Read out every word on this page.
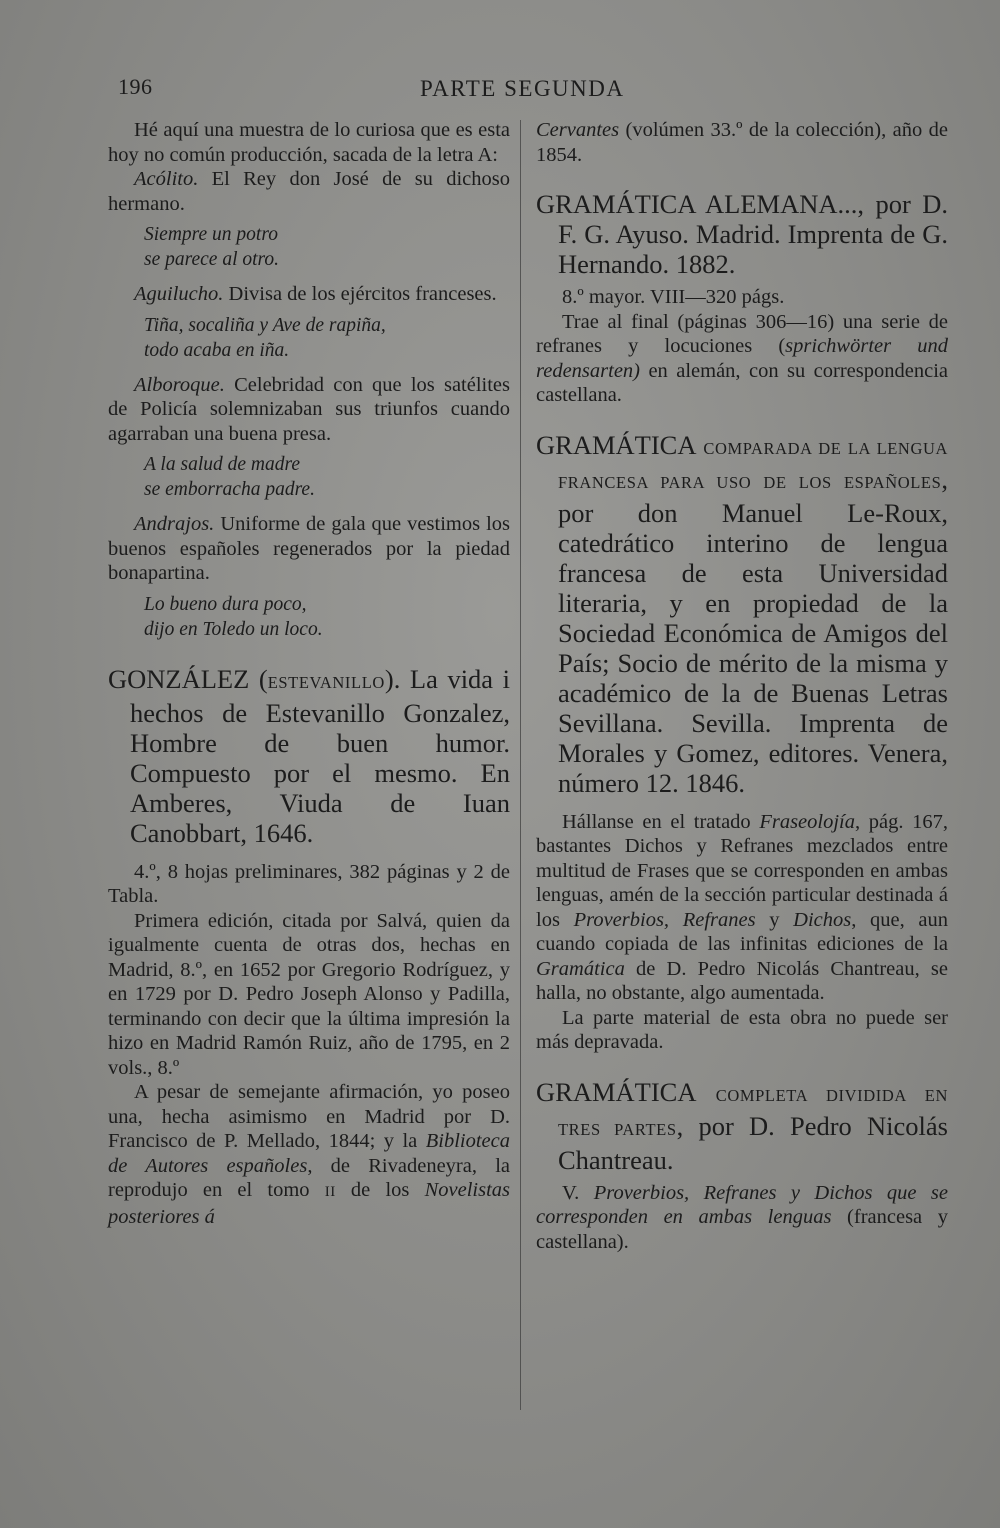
196	PARTE SEGUNDA

Hé aquí una muestra de lo curiosa que es esta hoy no común producción, sacada de la letra A:

Acólito. El Rey don José de su dichoso hermano.

Siempre un potro
se parece al otro.

Aguilucho. Divisa de los ejércitos franceses.

Tiña, socaliña y Ave de rapiña,
todo acaba en iña.

Alboroque. Celebridad con que los satélites de Policía solemnizaban sus triunfos cuando agarraban una buena presa.

A la salud de madre
se emborracha padre.

Andrajos. Uniforme de gala que vestimos los buenos españoles regenerados por la piedad bonapartina.

Lo bueno dura poco,
dijo en Toledo un loco.

GONZÁLEZ (ESTEVANILLO). La vida i hechos de Estevanillo Gonzalez, Hombre de buen humor. Compuesto por el mesmo. En Amberes, Viuda de Iuan Canobbart, 1646.

4.º, 8 hojas preliminares, 382 páginas y 2 de Tabla.

Primera edición, citada por Salvá, quien da igualmente cuenta de otras dos, hechas en Madrid, 8.º, en 1652 por Gregorio Rodríguez, y en 1729 por D. Pedro Joseph Alonso y Padilla, terminando con decir que la última impresión la hizo en Madrid Ramón Ruiz, año de 1795, en 2 vols., 8.º

A pesar de semejante afirmación, yo poseo una, hecha asimismo en Madrid por D. Francisco de P. Mellado, 1844; y la Biblioteca de Autores españoles, de Rivadeneyra, la reprodujo en el tomo II de los Novelistas posteriores á

Cervantes (volúmen 33.º de la colección), año de 1854.

GRAMÁTICA ALEMANA..., por D. F. G. Ayuso. Madrid. Imprenta de G. Hernando. 1882.

8.º mayor. VIII—320 págs.

Trae al final (páginas 306—16) una serie de refranes y locuciones (sprichwörter und redensarten) en alemán, con su correspondencia castellana.

GRAMÁTICA COMPARADA DE LA LENGUA FRANCESA PARA USO DE LOS ESPAÑOLES, por don Manuel Le-Roux, catedrático interino de lengua francesa de esta Universidad literaria, y en propiedad de la Sociedad Económica de Amigos del País; Socio de mérito de la misma y académico de la de Buenas Letras Sevillana. Sevilla. Imprenta de Morales y Gomez, editores. Venera, número 12. 1846.

Hállanse en el tratado Fraseolojía, pág. 167, bastantes Dichos y Refranes mezclados entre multitud de Frases que se corresponden en ambas lenguas, amén de la sección particular destinada á los Proverbios, Refranes y Dichos, que, aun cuando copiada de las infinitas ediciones de la Gramática de D. Pedro Nicolás Chantreau, se halla, no obstante, algo aumentada.

La parte material de esta obra no puede ser más depravada.

GRAMÁTICA COMPLETA DIVIDIDA EN TRES PARTES, por D. Pedro Nicolás Chantreau.

V. Proverbios, Refranes y Dichos que se corresponden en ambas lenguas (francesa y castellana).
